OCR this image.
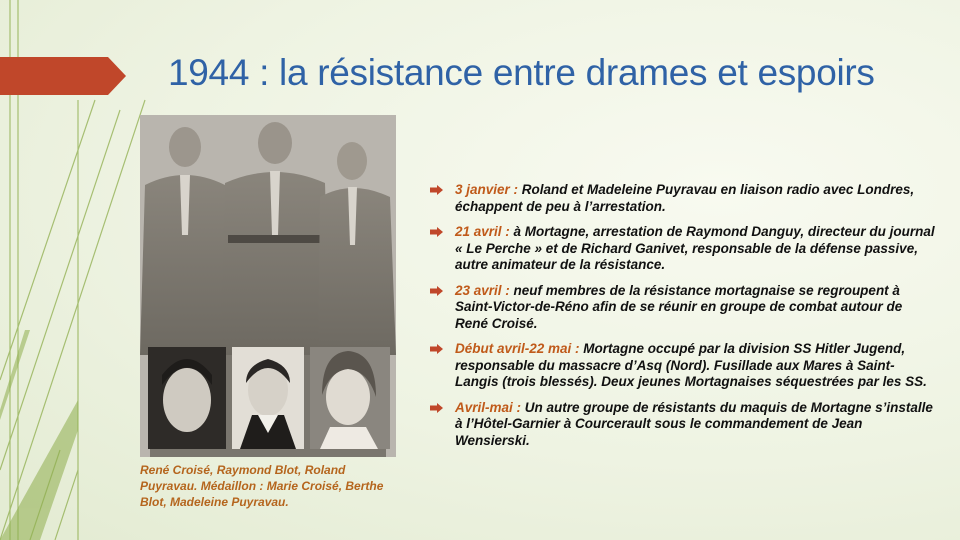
1944 : la résistance entre drames et espoirs
René Croisé, Raymond Blot, Roland Puyravau. Médaillon : Marie Croisé, Berthe Blot, Madeleine Puyravau.
3 janvier : Roland et Madeleine Puyravau en liaison radio avec Londres, échappent de peu à l’arrestation.
21 avril : à Mortagne, arrestation de Raymond Danguy, directeur du journal « Le Perche » et de Richard Ganivet, responsable de la défense passive, autre animateur de la résistance.
23 avril : neuf membres de la résistance mortagnaise se regroupent à Saint-Victor-de-Réno afin de se réunir en groupe de combat autour de René Croisé.
Début avril-22 mai : Mortagne occupé par la division SS Hitler Jugend, responsable du massacre d’Asq (Nord). Fusillade aux Mares à Saint-Langis (trois blessés). Deux jeunes Mortagnaises séquestrées par les SS.
Avril-mai : Un autre groupe de résistants du maquis de Mortagne s’installe à l’Hôtel-Garnier à Courcerault sous le commandement de Jean Wensierski.
